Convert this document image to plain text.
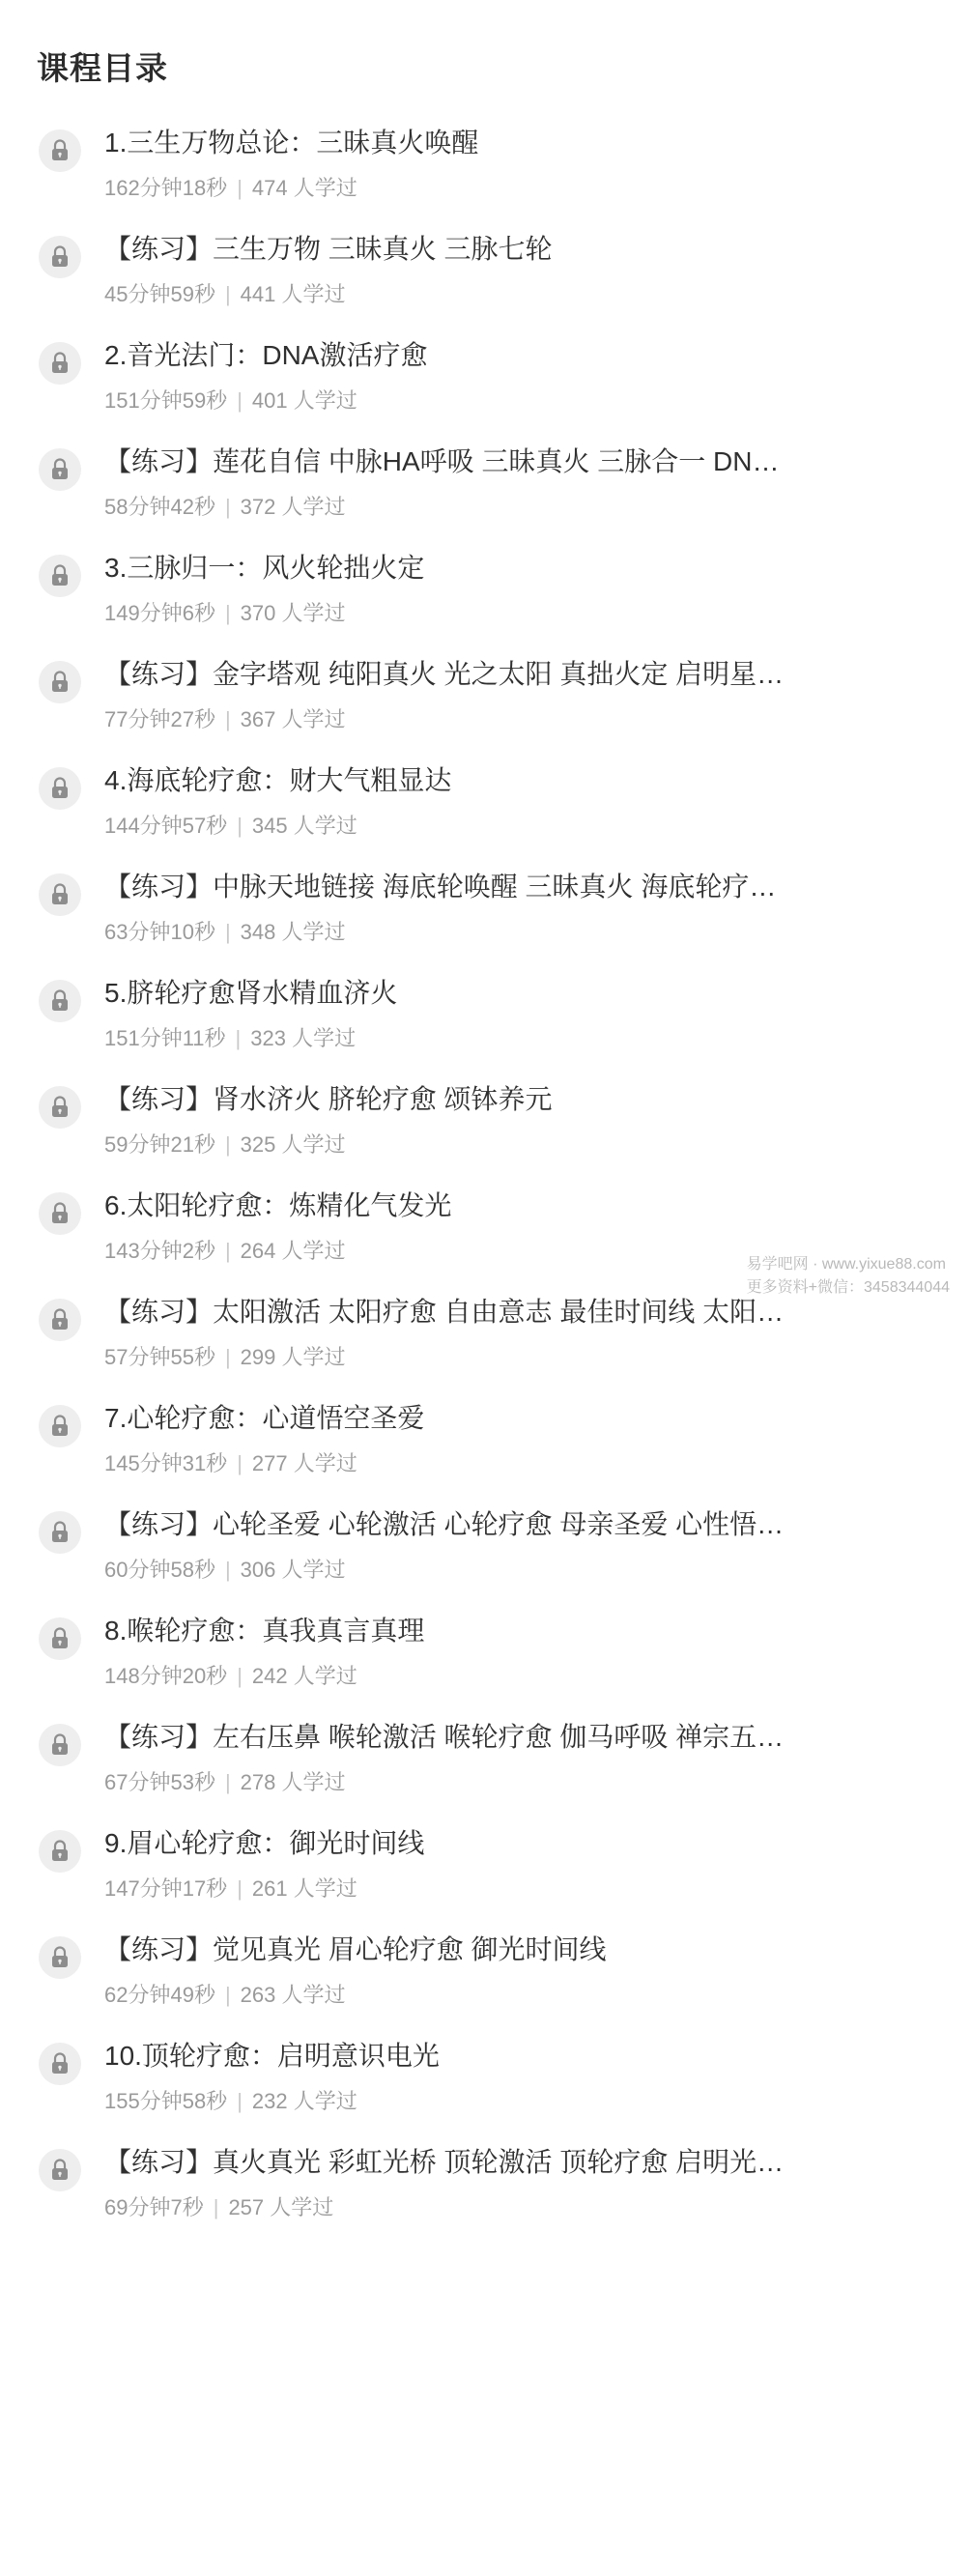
课程目录
1.三生万物总论：三昧真火唤醒
162分钟18秒 | 474 人学过
【练习】三生万物 三昧真火 三脉七轮
45分钟59秒 | 441 人学过
2.音光法门：DNA激活疗愈
151分钟59秒 | 401 人学过
【练习】莲花自信 中脉HA呼吸 三昧真火 三脉合一 DN…
58分钟42秒 | 372 人学过
3.三脉归一：风火轮拙火定
149分钟6秒 | 370 人学过
【练习】金字塔观 纯阳真火 光之太阳 真拙火定 启明星…
77分钟27秒 | 367 人学过
4.海底轮疗愈：财大气粗显达
144分钟57秒 | 345 人学过
【练习】中脉天地链接 海底轮唤醒 三昧真火 海底轮疗…
63分钟10秒 | 348 人学过
5.脐轮疗愈肾水精血济火
151分钟11秒 | 323 人学过
【练习】肾水济火 脐轮疗愈 颂钵养元
59分钟21秒 | 325 人学过
6.太阳轮疗愈：炼精化气发光
143分钟2秒 | 264 人学过
【练习】太阳激活 太阳疗愈 自由意志 最佳时间线 太阳…
57分钟55秒 | 299 人学过
7.心轮疗愈：心道悟空圣爱
145分钟31秒 | 277 人学过
【练习】心轮圣爱 心轮激活 心轮疗愈 母亲圣爱 心性悟…
60分钟58秒 | 306 人学过
8.喉轮疗愈：真我真言真理
148分钟20秒 | 242 人学过
【练习】左右压鼻 喉轮激活 喉轮疗愈 伽马呼吸 禅宗五…
67分钟53秒 | 278 人学过
9.眉心轮疗愈：御光时间线
147分钟17秒 | 261 人学过
【练习】觉见真光 眉心轮疗愈 御光时间线
62分钟49秒 | 263 人学过
10.顶轮疗愈：启明意识电光
155分钟58秒 | 232 人学过
【练习】真火真光 彩虹光桥 顶轮激活 顶轮疗愈 启明光…
69分钟7秒 | 257 人学过
易学吧网 · www.yixue88.com
更多资料+微信：3458344044
